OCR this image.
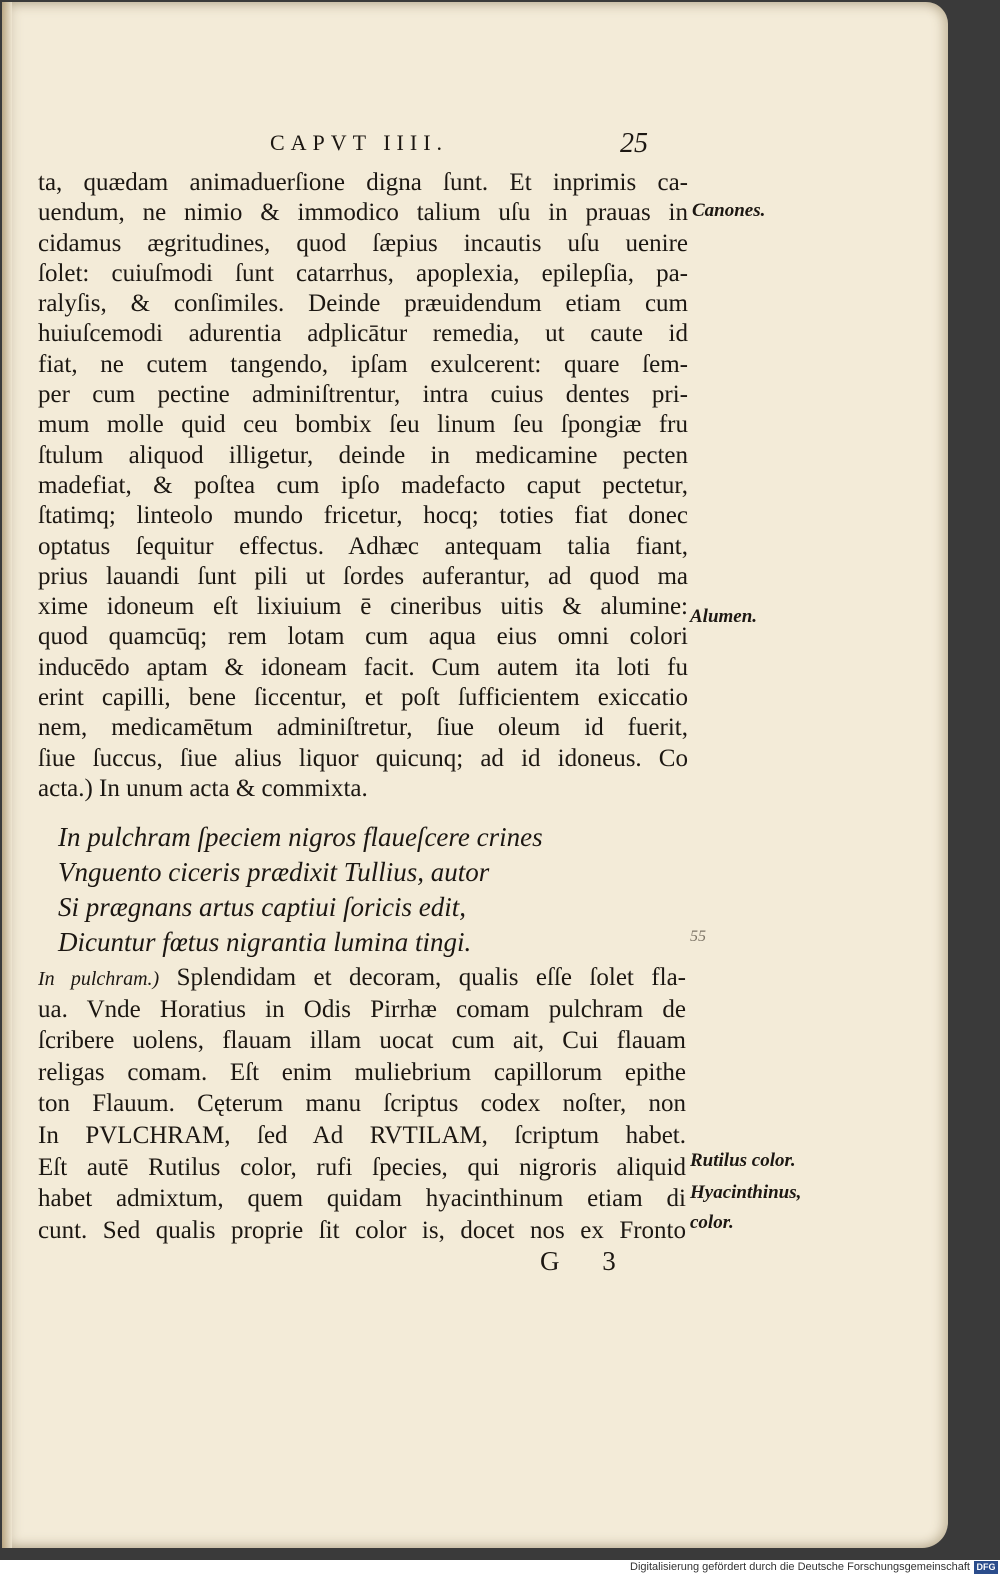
CAPVT IIII.	25
ta, quædam animaduerſione digna ſunt. Et inprimis ca-
uendum, ne nimio & immodico talium uſu in prauas in
cidamus ægritudines, quod ſæpius incautis uſu uenire
ſolet: cuiuſmodi ſunt catarrhus, apoplexia, epilepſia, pa-
ralyſis, & conſimiles. Deinde præuidendum etiam cum
huiuſcemodi adurentia adplicātur remedia, ut caute id
fiat, ne cutem tangendo, ipſam exulcerent: quare ſem-
per cum pectine adminiſtrentur, intra cuius dentes pri-
mum molle quid ceu bombix ſeu linum ſeu ſpongiæ fru
ſtulum aliquod illigetur, deinde in medicamine pecten
madefiat, & poſtea cum ipſo madefacto caput pectetur,
ſtatimq; linteolo mundo fricetur, hocq; toties fiat donec
optatus ſequitur effectus. Adhæc antequam talia fiant,
prius lauandi ſunt pili ut ſordes auferantur, ad quod ma
xime idoneum eſt lixiuium ē cineribus uitis & alumine:
quod quamcūq; rem lotam cum aqua eius omni colori
inducēdo aptam & idoneam facit. Cum autem ita loti fu
erint capilli, bene ſiccentur, et poſt ſufficientem exiccatio
nem, medicamētum adminiſtretur, ſiue oleum id fuerit,
ſiue ſuccus, ſiue alius liquor quicunq; ad id idoneus. Co
acta.) In unum acta & commixta.
In pulchram ſpeciem nigros flaueſcere crines
Vnguento ciceris prædixit Tullius, autor
Si prægnans artus captiui ſoricis edit,
Dicuntur fœtus nigrantia lumina tingi.	55
In pulchram.) Splendidam et decoram, qualis eſſe ſolet fla-
ua. Vnde Horatius in Odis Pirrhæ comam pulchram de
ſcribere uolens, flauam illam uocat cum ait, Cui flauam
religas comam. Eſt enim muliebrium capillorum epithe
ton Flauum. Cęterum manu ſcriptus codex noſter, non
In PVLCHRAM, ſed Ad RVTILAM, ſcriptum habet.
Eſt autē Rutilus color, rufi ſpecies, qui nigroris aliquid
habet admixtum, quem quidam hyacinthinum etiam di
cunt. Sed qualis proprie ſit color is, docet nos ex Fronto
Canones.
Alumen.
Rutilus color.
Hyacinthinus,
color.
G 3
Digitalisierung gefördert durch die Deutsche Forschungsgemeinschaft DFG
